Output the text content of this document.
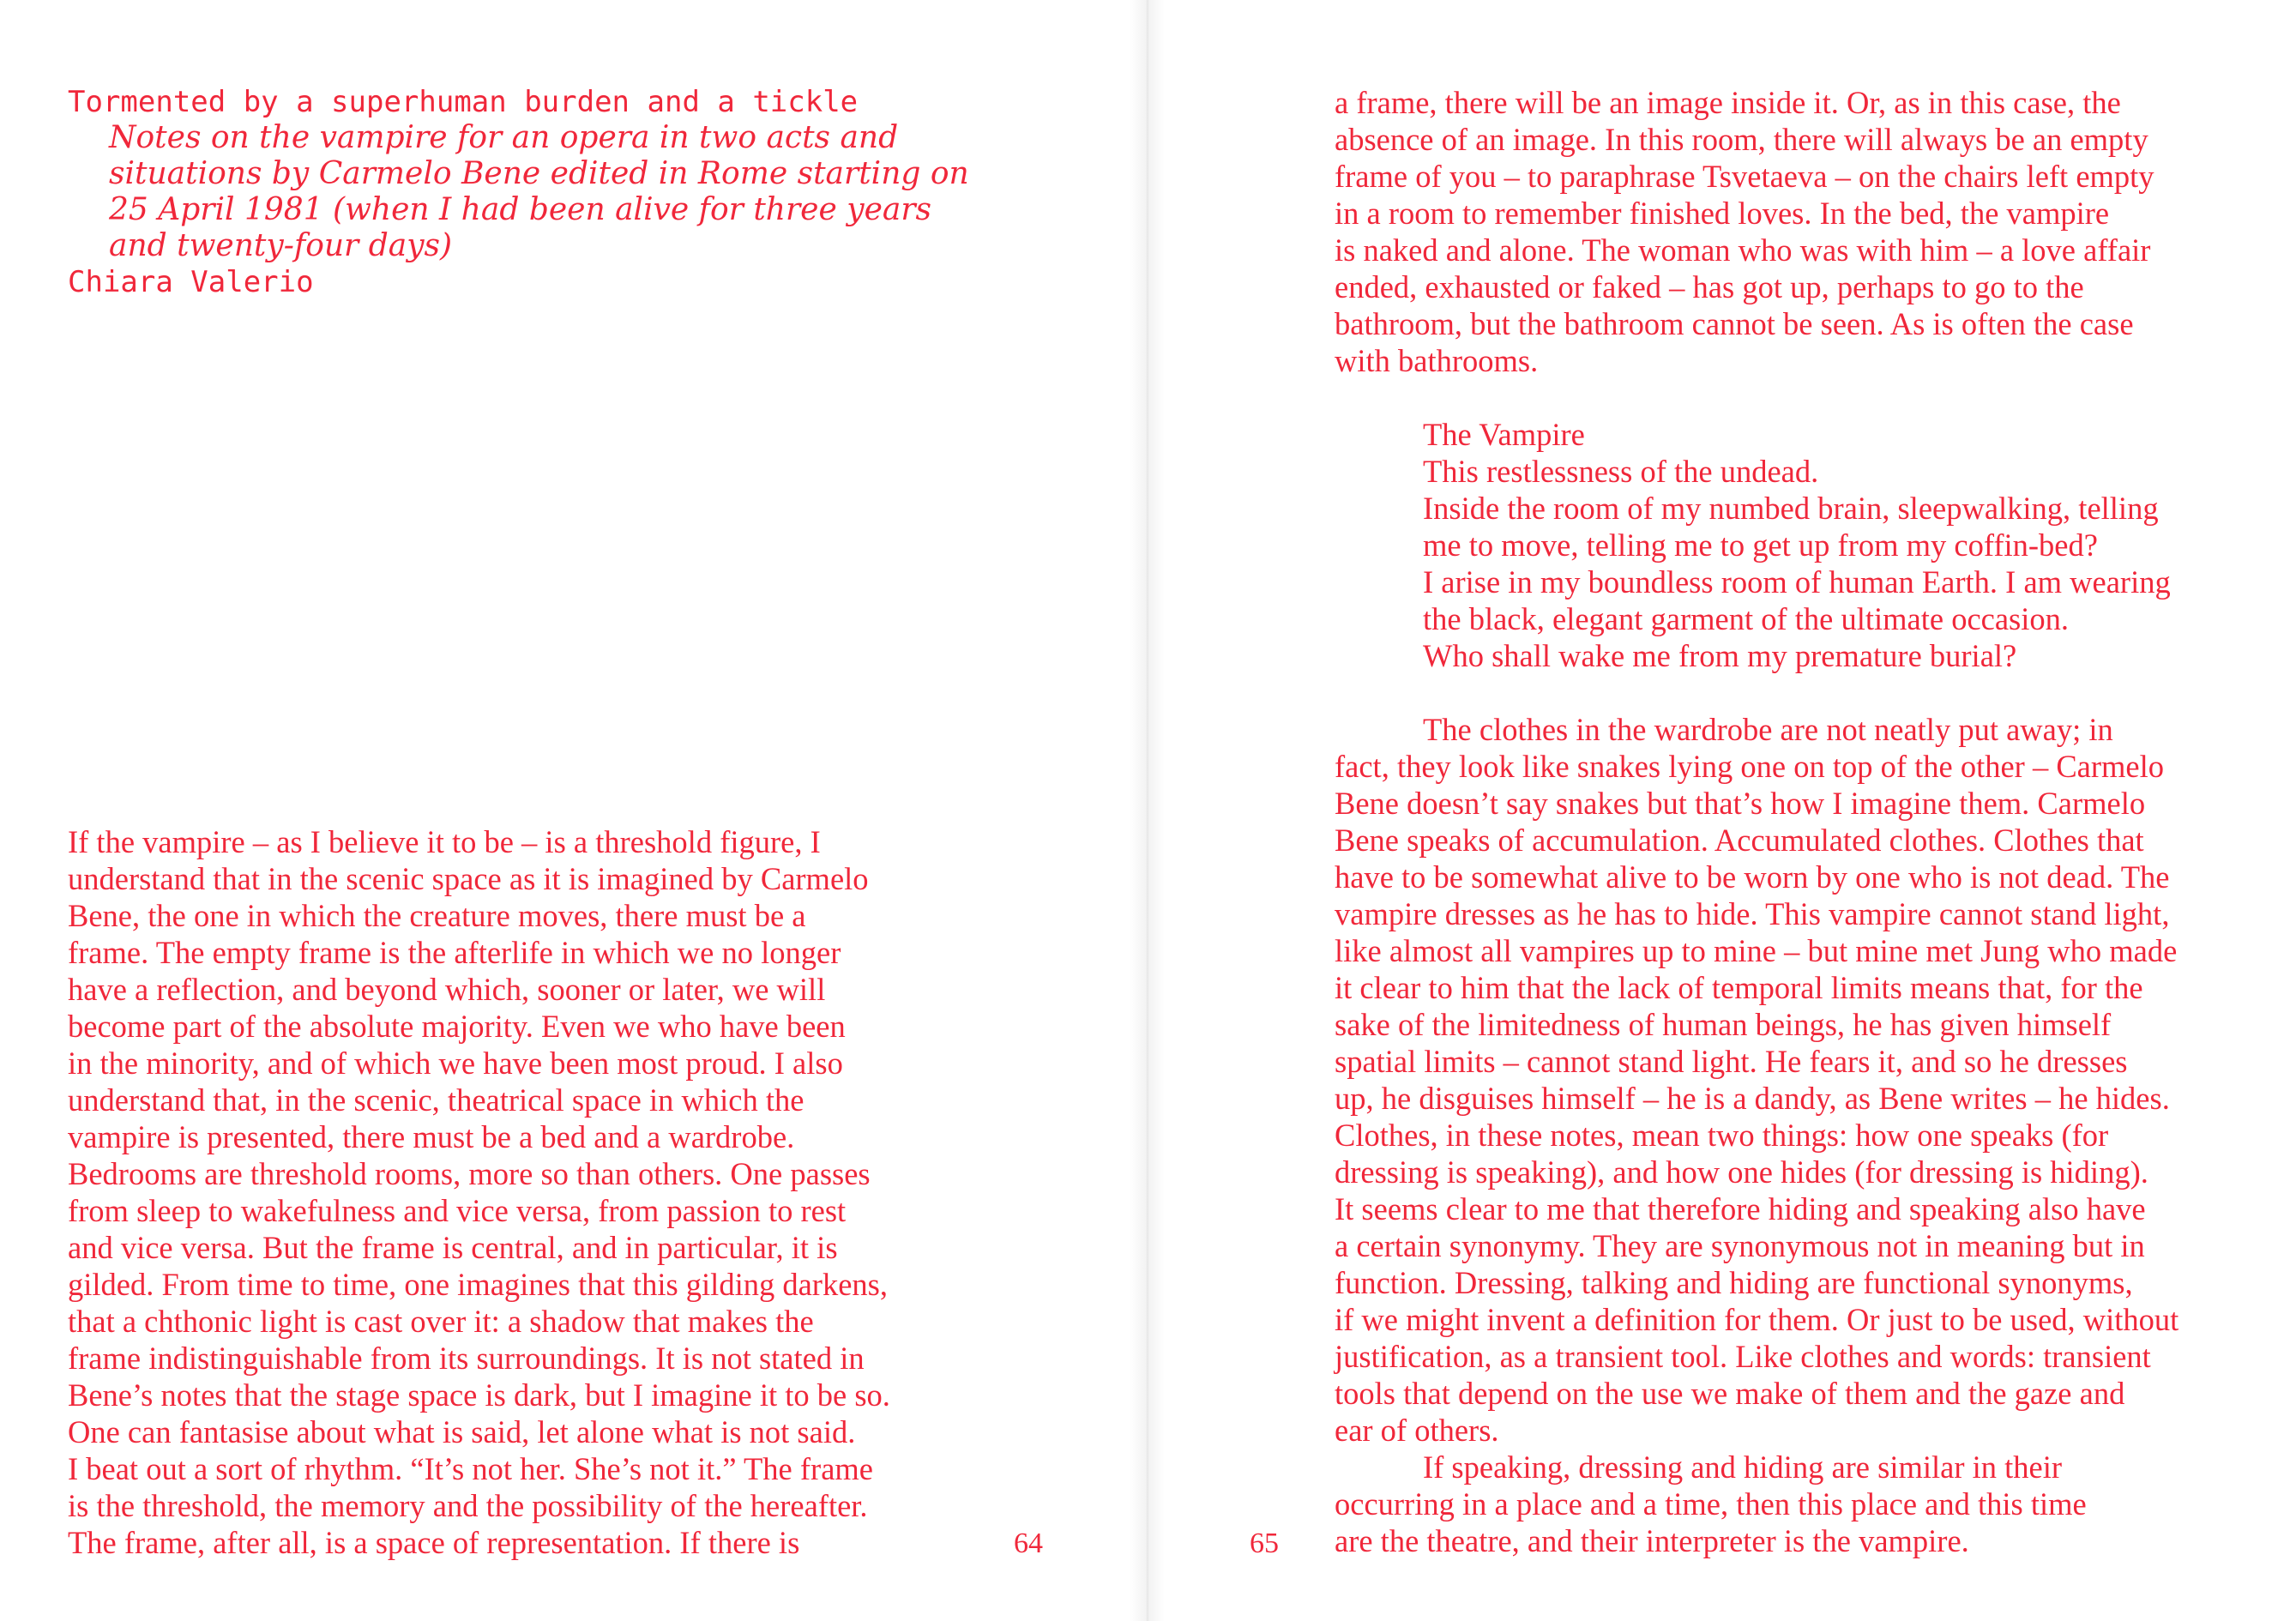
Tormented by a superhuman burden and a tickle
Notes on the vampire for an opera in two acts and
situations by Carmelo Bene edited in Rome starting on
25 April 1981 (when I had been alive for three years
and twenty-four days)
Chiara Valerio
If the vampire – as I believe it to be – is a threshold figure, I
understand that in the scenic space as it is imagined by Carmelo
Bene, the one in which the creature moves, there must be a
frame. The empty frame is the afterlife in which we no longer
have a reflection, and beyond which, sooner or later, we will
become part of the absolute majority. Even we who have been
in the minority, and of which we have been most proud. I also
understand that, in the scenic, theatrical space in which the
vampire is presented, there must be a bed and a wardrobe.
Bedrooms are threshold rooms, more so than others. One passes
from sleep to wakefulness and vice versa, from passion to rest
and vice versa. But the frame is central, and in particular, it is
gilded. From time to time, one imagines that this gilding darkens,
that a chthonic light is cast over it: a shadow that makes the
frame indistinguishable from its surroundings. It is not stated in
Bene’s notes that the stage space is dark, but I imagine it to be so.
One can fantasise about what is said, let alone what is not said.
I beat out a sort of rhythm. “It’s not her. She’s not it.” The frame
is the threshold, the memory and the possibility of the hereafter.
The frame, after all, is a space of representation. If there is	64	65
a frame, there will be an image inside it. Or, as in this case, the
absence of an image. In this room, there will always be an empty
frame of you – to paraphrase Tsvetaeva – on the chairs left empty
in a room to remember finished loves. In the bed, the vampire
is naked and alone. The woman who was with him – a love affair
ended, exhausted or faked – has got up, perhaps to go to the
bathroom, but the bathroom cannot be seen. As is often the case
with bathrooms.
The Vampire
This restlessness of the undead.
Inside the room of my numbed brain, sleepwalking, telling
me to move, telling me to get up from my coffin-bed?
I arise in my boundless room of human Earth. I am wearing
the black, elegant garment of the ultimate occasion.
Who shall wake me from my premature burial?
The clothes in the wardrobe are not neatly put away; in
fact, they look like snakes lying one on top of the other – Carmelo
Bene doesn’t say snakes but that’s how I imagine them. Carmelo
Bene speaks of accumulation. Accumulated clothes. Clothes that
have to be somewhat alive to be worn by one who is not dead. The
vampire dresses as he has to hide. This vampire cannot stand light,
like almost all vampires up to mine – but mine met Jung who made
it clear to him that the lack of temporal limits means that, for the
sake of the limitedness of human beings, he has given himself
spatial limits – cannot stand light. He fears it, and so he dresses
up, he disguises himself – he is a dandy, as Bene writes – he hides.
Clothes, in these notes, mean two things: how one speaks (for
dressing is speaking), and how one hides (for dressing is hiding).
It seems clear to me that therefore hiding and speaking also have
a certain synonymy. They are synonymous not in meaning but in
function. Dressing, talking and hiding are functional synonyms,
if we might invent a definition for them. Or just to be used, without
justification, as a transient tool. Like clothes and words: transient
tools that depend on the use we make of them and the gaze and
ear of others.
If speaking, dressing and hiding are similar in their
occurring in a place and a time, then this place and this time
are the theatre, and their interpreter is the vampire.
